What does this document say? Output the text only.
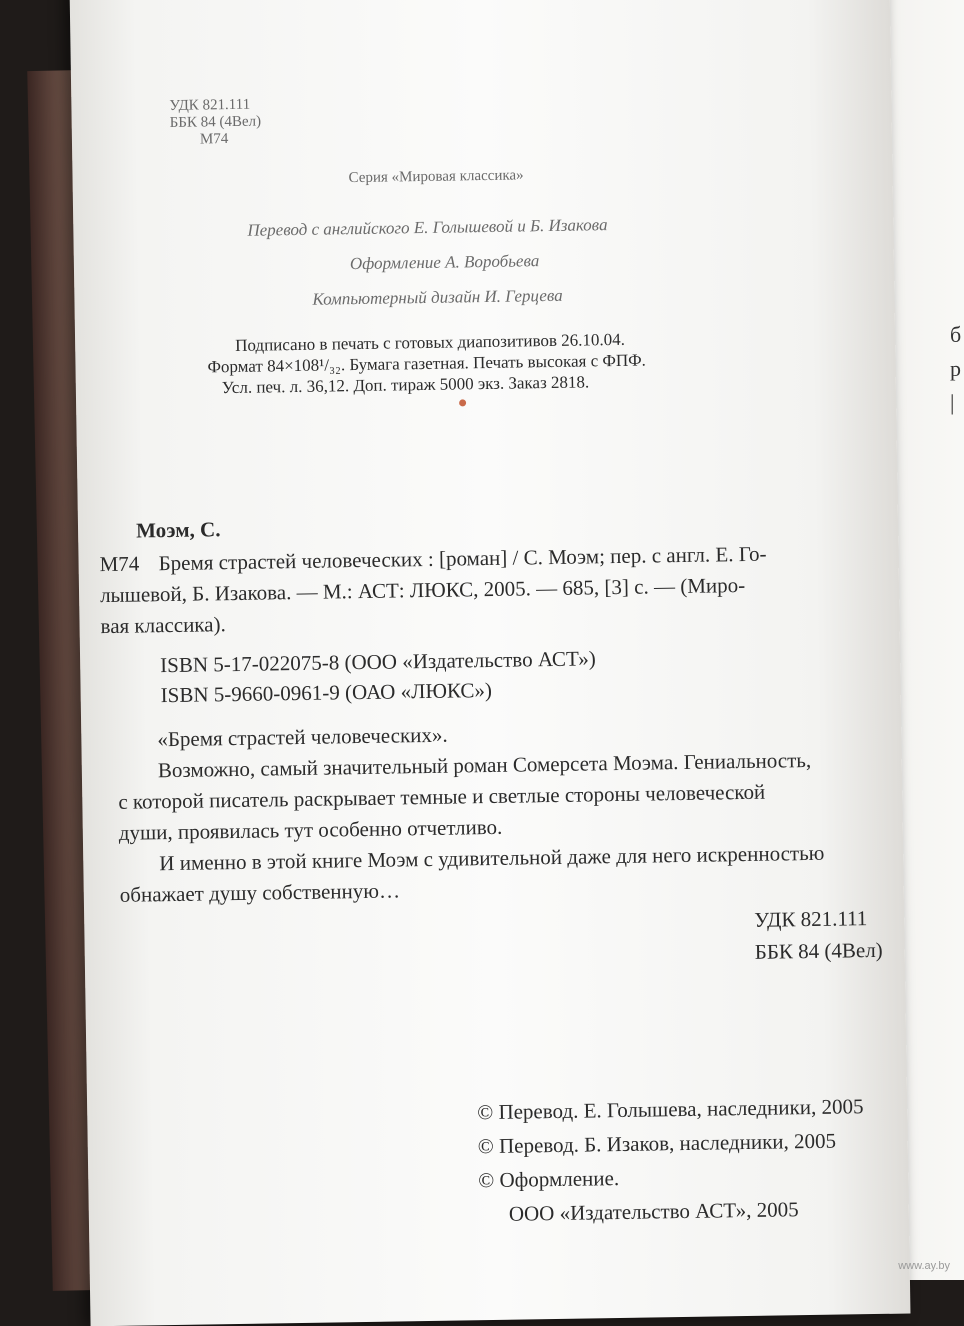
б
р
|
УДК 821.111
ББК 84 (4Вел)
М74
Серия «Мировая классика»
Перевод с английского Е. Голышевой и Б. Изакова
Оформление А. Воробьева
Компьютерный дизайн И. Герцева
Подписано в печать с готовых диапозитивов 26.10.04.
Формат 84×108¹/₃₂. Бумага газетная. Печать высокая с ФПФ.
Усл. печ. л. 36,12. Доп. тираж 5000 экз. Заказ 2818.
Моэм, С.
М74 Бремя страстей человеческих : [роман] / С. Моэм; пер. с англ. Е. Го-
лышевой, Б. Изакова. — М.: АСТ: ЛЮКС, 2005. — 685, [3] с. — (Миро-
вая классика).
ISBN 5-17-022075-8 (ООО «Издательство АСТ»)
ISBN 5-9660-0961-9 (ОАО «ЛЮКС»)
«Бремя страстей человеческих».
Возможно, самый значительный роман Сомерсета Моэма. Гениальность,
с которой писатель раскрывает темные и светлые стороны человеческой
души, проявилась тут особенно отчетливо.
И именно в этой книге Моэм с удивительной даже для него искренностью
обнажает душу собственную…
УДК 821.111
ББК 84 (4Вел)
© Перевод. Е. Голышева, наследники, 2005
© Перевод. Б. Изаков, наследники, 2005
© Оформление.
ООО «Издательство АСТ», 2005
www.ay.by
